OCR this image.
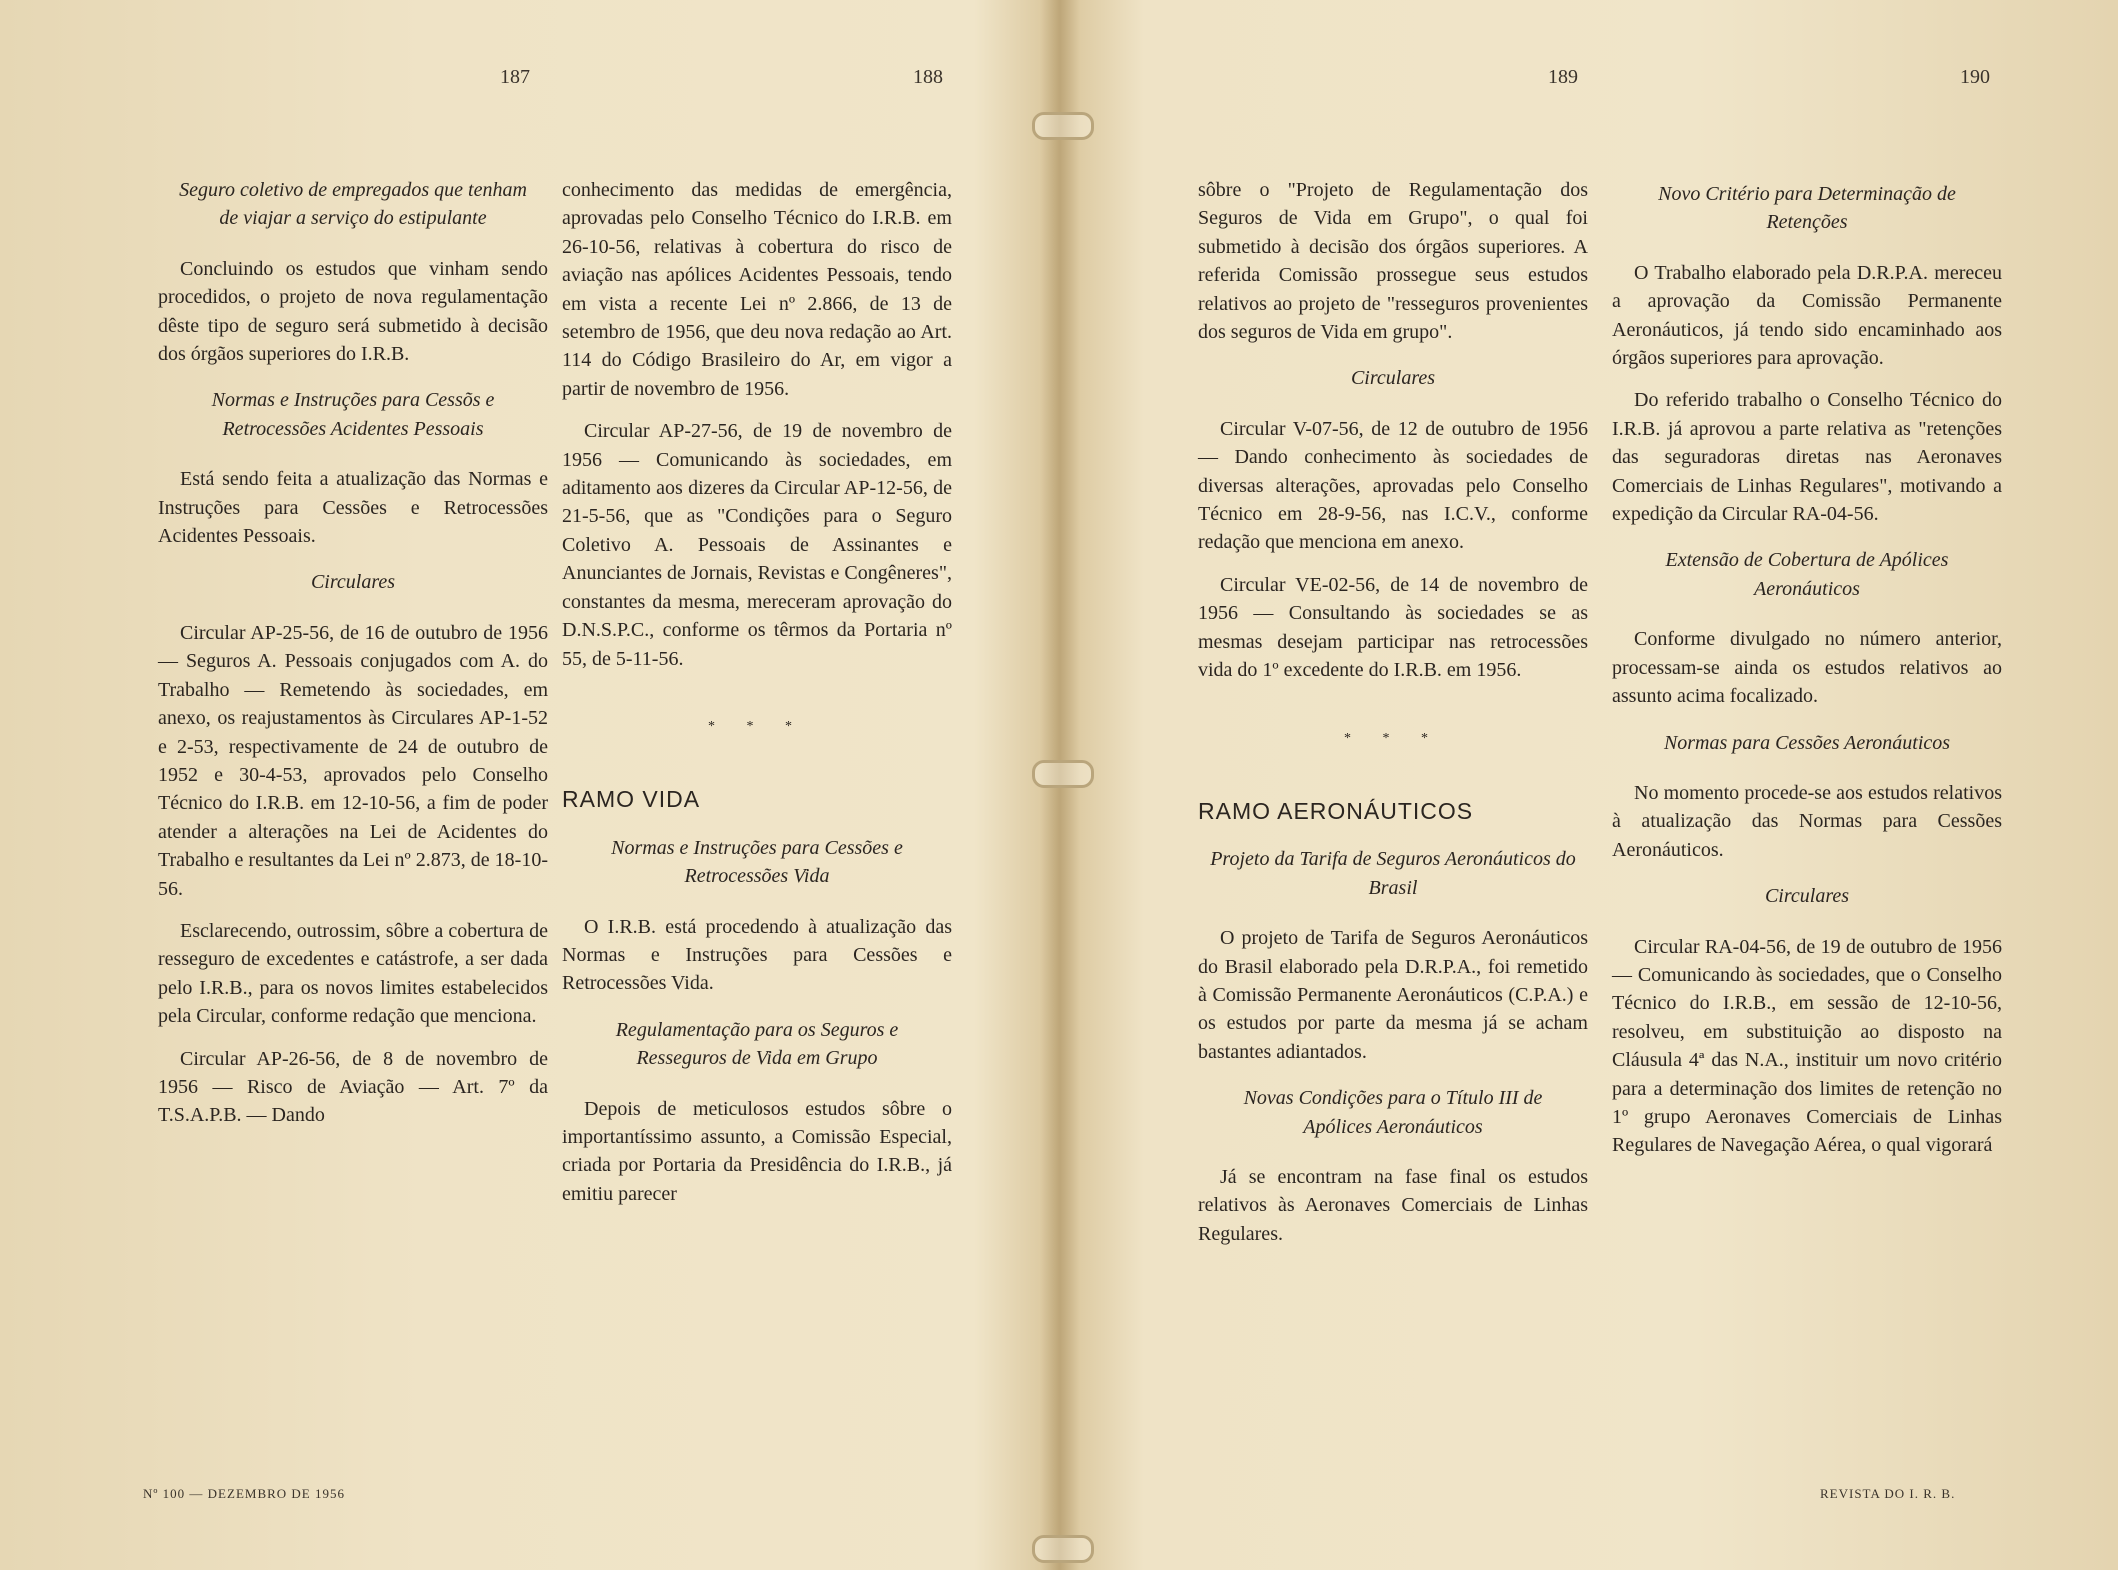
187	188	189	190
Seguro coletivo de empregados que tenham de viajar a serviço do estipulante

Concluindo os estudos que vinham sendo procedidos, o projeto de nova regulamentação dêste tipo de seguro será submetido à decisão dos órgãos superiores do I.R.B.

Normas e Instruções para Cessõs e Retrocessões Acidentes Pessoais

Está sendo feita a atualização das Normas e Instruções para Cessões e Retrocessões Acidentes Pessoais.

Circulares

Circular AP-25-56, de 16 de outubro de 1956 — Seguros A. Pessoais conjugados com A. do Trabalho — Remetendo às sociedades, em anexo, os reajustamentos às Circulares AP-1-52 e 2-53, respectivamente de 24 de outubro de 1952 e 30-4-53, aprovados pelo Conselho Técnico do I.R.B. em 12-10-56, a fim de poder atender a alterações na Lei de Acidentes do Trabalho e resultantes da Lei nº 2.873, de 18-10-56.

Esclarecendo, outrossim, sôbre a cobertura de resseguro de excedentes e catástrofe, a ser dada pelo I.R.B., para os novos limites estabelecidos pela Circular, conforme redação que menciona.

Circular AP-26-56, de 8 de novembro de 1956 — Risco de Aviação — Art. 7º da T.S.A.P.B. — Dando

conhecimento das medidas de emergência, aprovadas pelo Conselho Técnico do I.R.B. em 26-10-56, relativas à cobertura do risco de aviação nas apólices Acidentes Pessoais, tendo em vista a recente Lei nº 2.866, de 13 de setembro de 1956, que deu nova redação ao Art. 114 do Código Brasileiro do Ar, em vigor a partir de novembro de 1956.

Circular AP-27-56, de 19 de novembro de 1956 — Comunicando às sociedades, em aditamento aos dizeres da Circular AP-12-56, de 21-5-56, que as "Condições para o Seguro Coletivo A. Pessoais de Assinantes e Anunciantes de Jornais, Revistas e Congêneres", constantes da mesma, mereceram aprovação do D.N.S.P.C., conforme os têrmos da Portaria nº 55, de 5-11-56.

* * *
RAMO VIDA
Normas e Instruções para Cessões e Retrocessões Vida

O I.R.B. está procedendo à atualização das Normas e Instruções para Cessões e Retrocessões Vida.

Regulamentação para os Seguros e Resseguros de Vida em Grupo

Depois de meticulosos estudos sôbre o importantíssimo assunto, a Comissão Especial, criada por Portaria da Presidência do I.R.B., já emitiu parecer

sôbre o "Projeto de Regulamentação dos Seguros de Vida em Grupo", o qual foi submetido à decisão dos órgãos superiores. A referida Comissão prossegue seus estudos relativos ao projeto de "resseguros provenientes dos seguros de Vida em grupo".

Circulares

Circular V-07-56, de 12 de outubro de 1956 — Dando conhecimento às sociedades de diversas alterações, aprovadas pelo Conselho Técnico em 28-9-56, nas I.C.V., conforme redação que menciona em anexo.

Circular VE-02-56, de 14 de novembro de 1956 — Consultando às sociedades se as mesmas desejam participar nas retrocessões vida do 1º excedente do I.R.B. em 1956.

* * *
RAMO AERONÁUTICOS
Projeto da Tarifa de Seguros Aeronáuticos do Brasil

O projeto de Tarifa de Seguros Aeronáuticos do Brasil elaborado pela D.R.P.A., foi remetido à Comissão Permanente Aeronáuticos (C.P.A.) e os estudos por parte da mesma já se acham bastantes adiantados.

Novas Condições para o Título III de Apólices Aeronáuticos

Já se encontram na fase final os estudos relativos às Aeronaves Comerciais de Linhas Regulares.

Novo Critério para Determinação de Retenções

O Trabalho elaborado pela D.R.P.A. mereceu a aprovação da Comissão Permanente Aeronáuticos, já tendo sido encaminhado aos órgãos superiores para aprovação.

Do referido trabalho o Conselho Técnico do I.R.B. já aprovou a parte relativa as "retenções das seguradoras diretas nas Aeronaves Comerciais de Linhas Regulares", motivando a expedição da Circular RA-04-56.

Extensão de Cobertura de Apólices Aeronáuticos

Conforme divulgado no número anterior, processam-se ainda os estudos relativos ao assunto acima focalizado.

Normas para Cessões Aeronáuticos

No momento procede-se aos estudos relativos à atualização das Normas para Cessões Aeronáuticos.

Circulares

Circular RA-04-56, de 19 de outubro de 1956 — Comunicando às sociedades, que o Conselho Técnico do I.R.B., em sessão de 12-10-56, resolveu, em substituição ao disposto na Cláusula 4ª das N.A., instituir um novo critério para a determinação dos limites de retenção no 1º grupo Aeronaves Comerciais de Linhas Regulares de Navegação Aérea, o qual vigorará

Nº 100 — DEZEMBRO DE 1956	REVISTA DO I. R. B.
